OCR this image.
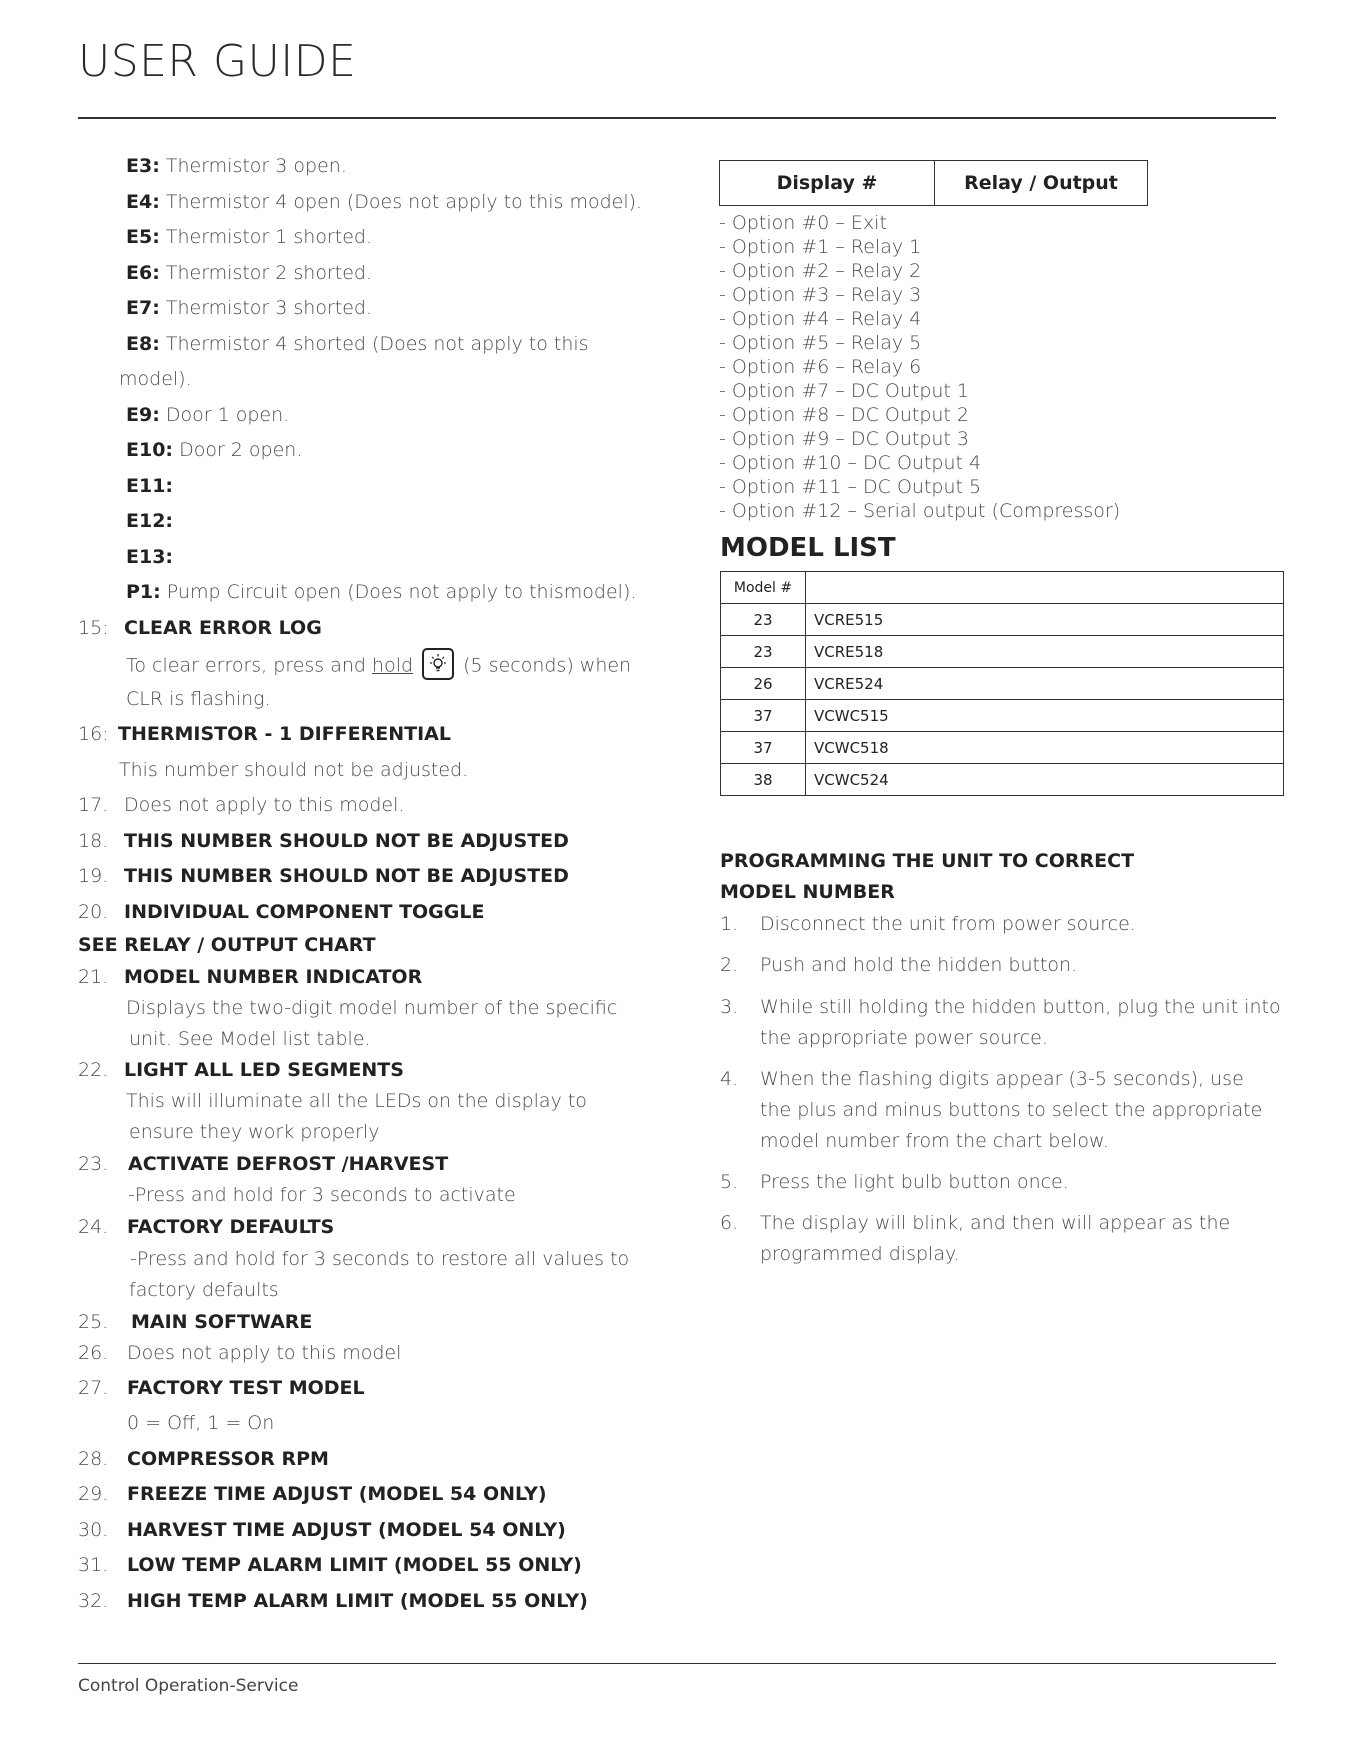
USER GUIDE
E3: Thermistor 3 open.
E4: Thermistor 4 open (Does not apply to this model).
E5: Thermistor 1 shorted.
E6: Thermistor 2 shorted.
E7: Thermistor 3 shorted.
E8: Thermistor 4 shorted (Does not apply to this
model).
E9: Door 1 open.
E10: Door 2 open.
E11:
E12:
E13:
P1: Pump Circuit open (Does not apply to thismodel).
15: CLEAR ERROR LOG
To clear errors, press and hold
(5 seconds) when
CLR is flashing.
16: THERMISTOR - 1 DIFFERENTIAL
This number should not be adjusted.
17. Does not apply to this model.
18. THIS NUMBER SHOULD NOT BE ADJUSTED
19. THIS NUMBER SHOULD NOT BE ADJUSTED
20. INDIVIDUAL COMPONENT TOGGLE
SEE RELAY / OUTPUT CHART
21. MODEL NUMBER INDICATOR
Displays the two-digit model number of the specific
unit. See Model list table.
22. LIGHT ALL LED SEGMENTS
This will illuminate all the LEDs on the display to
ensure they work properly
23. ACTIVATE DEFROST /HARVEST
-Press and hold for 3 seconds to activate
24. FACTORY DEFAULTS
-Press and hold for 3 seconds to restore all values to
factory defaults
25. MAIN SOFTWARE
26. Does not apply to this model
27. FACTORY TEST MODEL
0 = Off, 1 = On
28. COMPRESSOR RPM
29. FREEZE TIME ADJUST (MODEL 54 ONLY)
30. HARVEST TIME ADJUST (MODEL 54 ONLY)
31. LOW TEMP ALARM LIMIT (MODEL 55 ONLY)
32. HIGH TEMP ALARM LIMIT (MODEL 55 ONLY)
Display #	Relay / Output
- Option #0 – Exit
- Option #1 – Relay 1
- Option #2 – Relay 2
- Option #3 – Relay 3
- Option #4 – Relay 4
- Option #5 – Relay 5
- Option #6 – Relay 6
- Option #7 – DC Output 1
- Option #8 – DC Output 2
- Option #9 – DC Output 3
- Option #10 – DC Output 4
- Option #11 – DC Output 5
- Option #12 – Serial output (Compressor)
MODEL LIST
Model #	
23	VCRE515
23	VCRE518
26	VCRE524
37	VCWC515
37	VCWC518
38	VCWC524
PROGRAMMING THE UNIT TO CORRECT
MODEL NUMBER
1. Disconnect the unit from power source.
2. Push and hold the hidden button.
3. While still holding the hidden button, plug the unit into
the appropriate power source.
4. When the flashing digits appear (3-5 seconds), use
the plus and minus buttons to select the appropriate
model number from the chart below.
5. Press the light bulb button once.
6. The display will blink, and then will appear as the
programmed display.
Control Operation-Service
